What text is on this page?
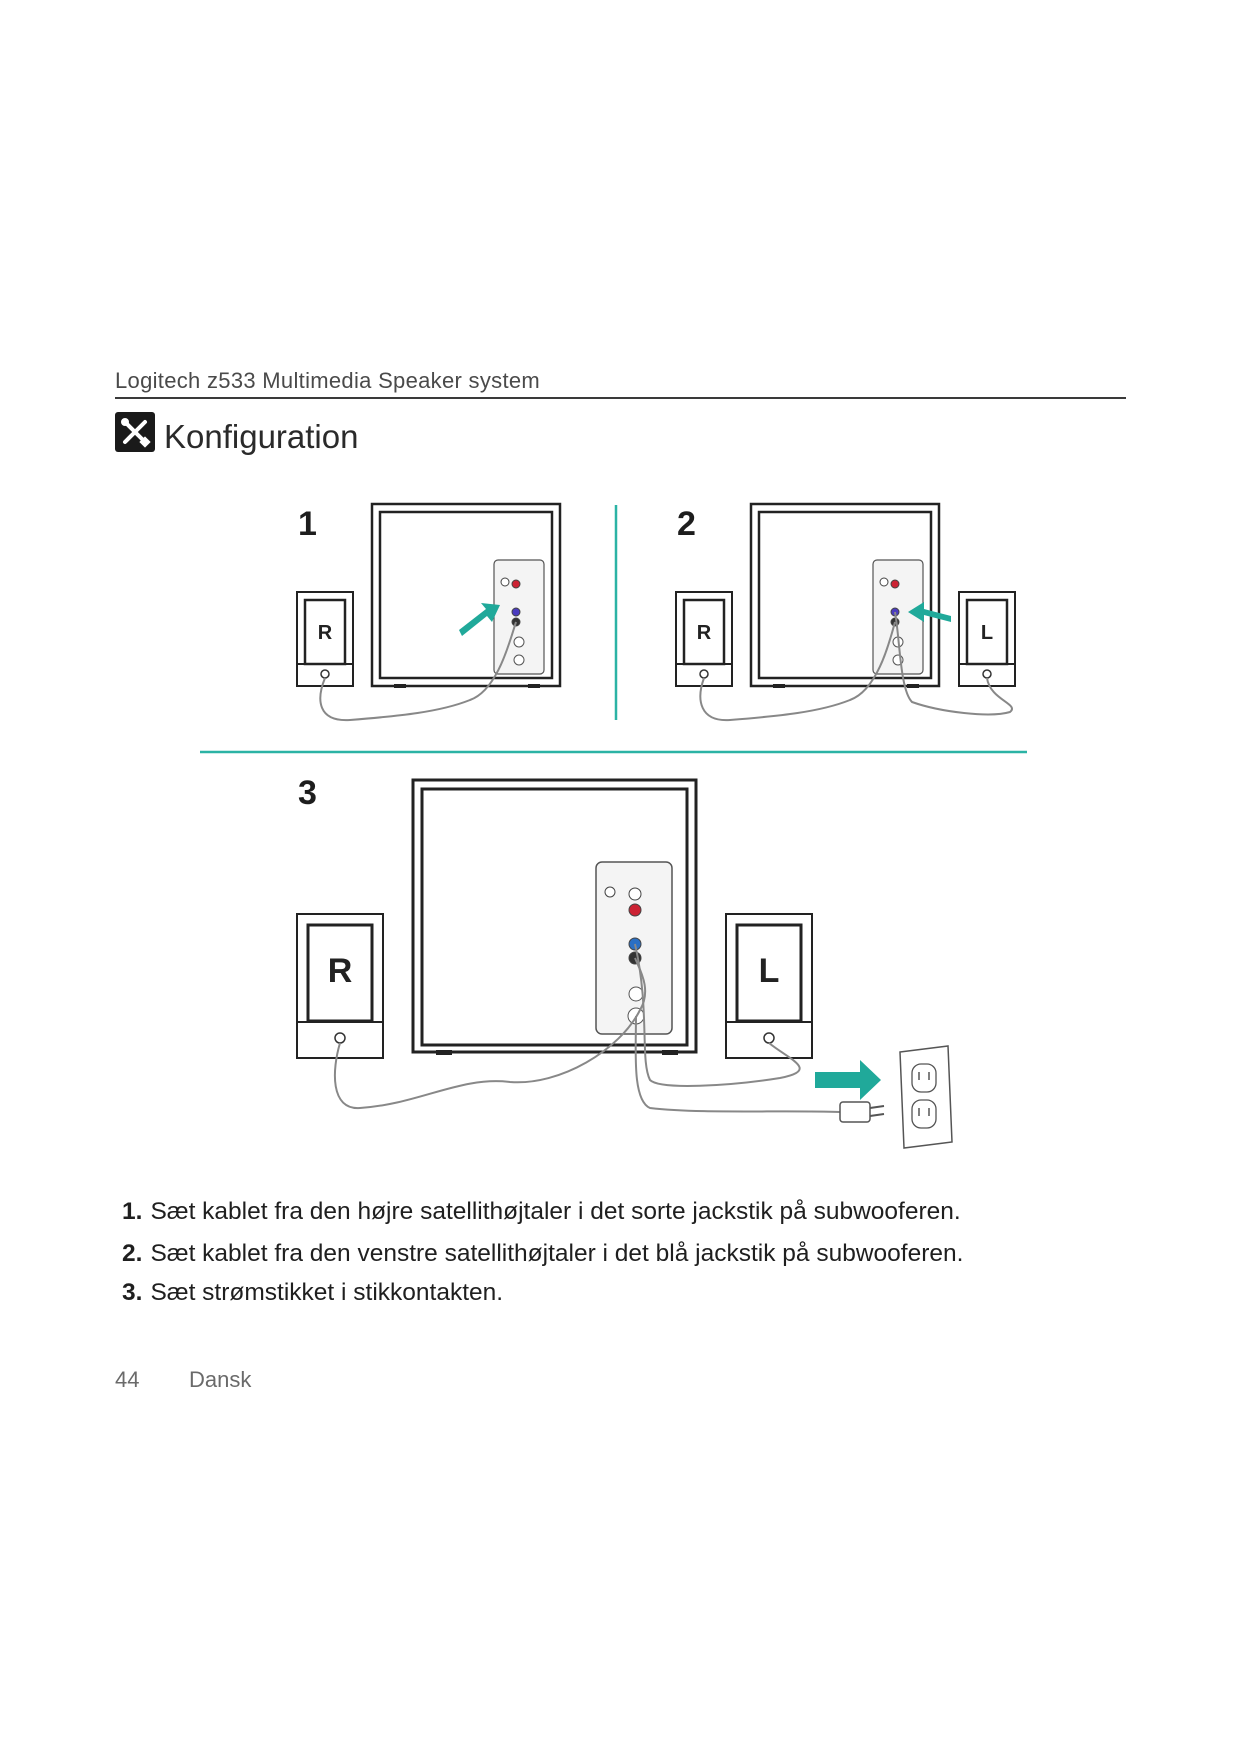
Logitech z533 Multimedia Speaker system
Konfiguration
1	2
3
R	R	L
R	L
1. Sæt kablet fra den højre satellithøjtaler i det sorte jackstik på subwooferen.
2. Sæt kablet fra den venstre satellithøjtaler i det blå jackstik på subwooferen.
3. Sæt strømstikket i stikkontakten.
44 Dansk
